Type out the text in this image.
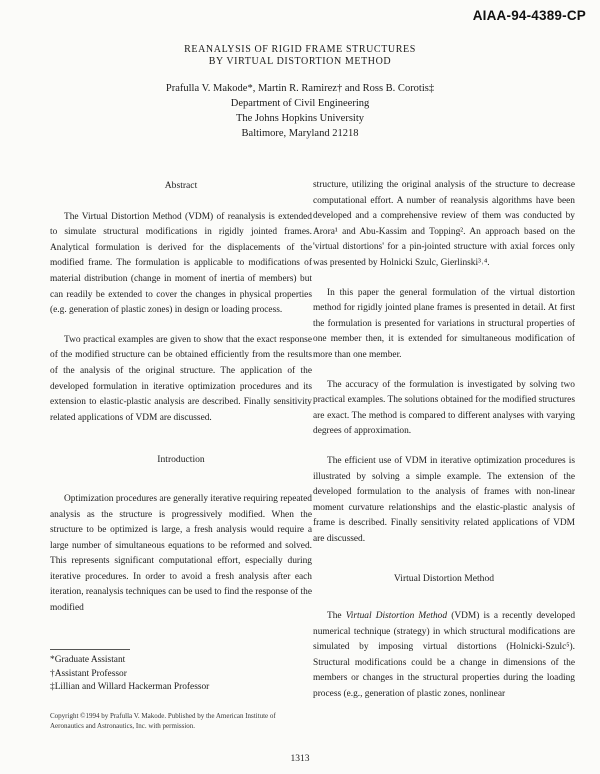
AIAA-94-4389-CP
REANALYSIS OF RIGID FRAME STRUCTURES
BY VIRTUAL DISTORTION METHOD
Prafulla V. Makode*, Martin R. Ramirez† and Ross B. Corotis‡
Department of Civil Engineering
The Johns Hopkins University
Baltimore, Maryland 21218
Abstract

The Virtual Distortion Method (VDM) of reanalysis is extended to simulate structural modifications in rigidly jointed frames. Analytical formulation is derived for the displacements of the modified frame. The formulation is applicable to modifications of material distribution (change in moment of inertia of members) but can readily be extended to cover the changes in physical properties (e.g. generation of plastic zones) in design or loading process.

Two practical examples are given to show that the exact response of the modified structure can be obtained efficiently from the results of the analysis of the original structure. The application of the developed formulation in iterative optimization procedures and its extension to elastic-plastic analysis are described. Finally sensitivity related applications of VDM are discussed.

Introduction

Optimization procedures are generally iterative requiring repeated analysis as the structure is progressively modified. When the structure to be optimized is large, a fresh analysis would require a large number of simultaneous equations to be reformed and solved. This represents significant computational effort, especially during iterative procedures. In order to avoid a fresh analysis after each iteration, reanalysis techniques can be used to find the response of the modified

*Graduate Assistant
†Assistant Professor
‡Lillian and Willard Hackerman Professor
Copyright ©1994 by Prafulla V. Makode. Published by the American Institute of Aeronautics and Astronautics, Inc. with permission.

structure, utilizing the original analysis of the structure to decrease computational effort. A number of reanalysis algorithms have been developed and a comprehensive review of them was conducted by Arora¹ and Abu-Kassim and Topping². An approach based on the 'virtual distortions' for a pin-jointed structure with axial forces only was presented by Holnicki Szulc, Gierlinski³˒⁴.

In this paper the general formulation of the virtual distortion method for rigidly jointed plane frames is presented in detail. At first the formulation is presented for variations in structural properties of one member then, it is extended for simultaneous modification of more than one member.

The accuracy of the formulation is investigated by solving two practical examples. The solutions obtained for the modified structures are exact. The method is compared to different analyses with varying degrees of approximation.

The efficient use of VDM in iterative optimization procedures is illustrated by solving a simple example. The extension of the developed formulation to the analysis of frames with non-linear moment curvature relationships and the elastic-plastic analysis of frame is described. Finally sensitivity related applications of VDM are discussed.

Virtual Distortion Method

The Virtual Distortion Method (VDM) is a recently developed numerical technique (strategy) in which structural modifications are simulated by imposing virtual distortions (Holnicki-Szulc⁵). Structural modifications could be a change in dimensions of the members or changes in the structural properties during the loading process (e.g., generation of plastic zones, nonlinear

1313
